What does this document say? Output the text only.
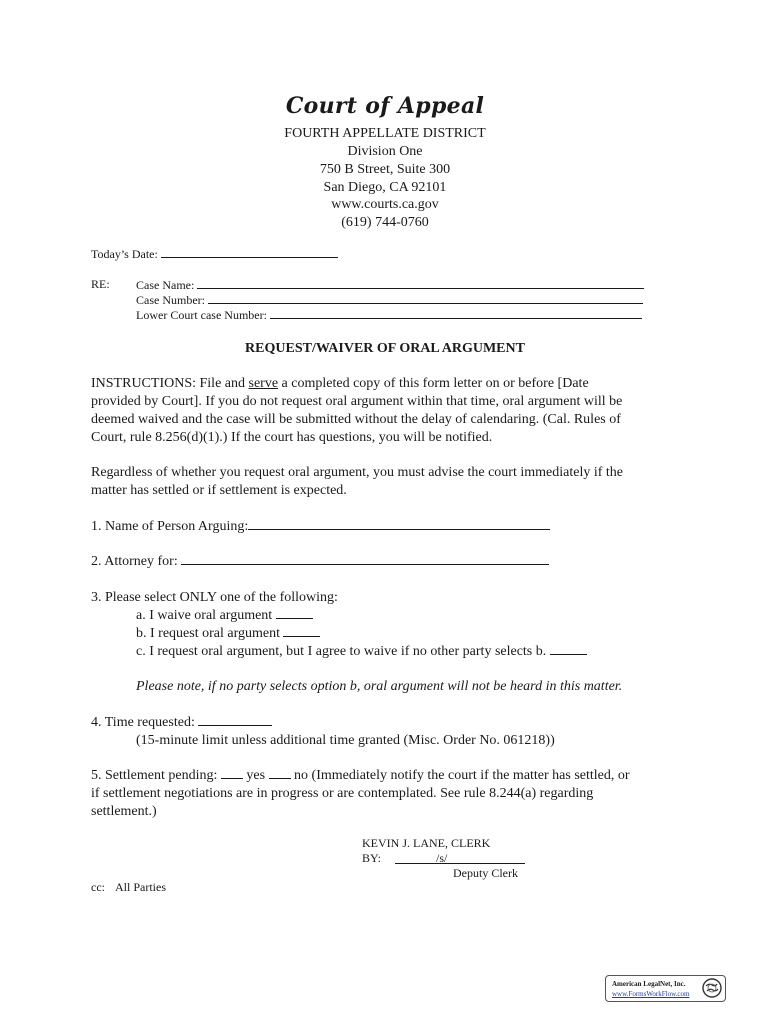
Court of Appeal
FOURTH APPELLATE DISTRICT
Division One
750 B Street, Suite 300
San Diego, CA 92101
www.courts.ca.gov
(619) 744-0760
Today’s Date:
RE: Case Name:
Case Number:
Lower Court case Number:
REQUEST/WAIVER OF ORAL ARGUMENT
INSTRUCTIONS: File and serve a completed copy of this form letter on or before [Date
provided by Court]. If you do not request oral argument within that time, oral argument will be
deemed waived and the case will be submitted without the delay of calendaring. (Cal. Rules of
Court, rule 8.256(d)(1).) If the court has questions, you will be notified.
Regardless of whether you request oral argument, you must advise the court immediately if the
matter has settled or if settlement is expected.
1. Name of Person Arguing:
2. Attorney for:
3. Please select ONLY one of the following:
a. I waive oral argument
b. I request oral argument
c. I request oral argument, but I agree to waive if no other party selects b.
Please note, if no party selects option b, oral argument will not be heard in this matter.
4. Time requested:
(15-minute limit unless additional time granted (Misc. Order No. 061218))
5. Settlement pending:  yes  no (Immediately notify the court if the matter has settled, or
if settlement negotiations are in progress or are contemplated. See rule 8.244(a) regarding
settlement.)
KEVIN J. LANE, CLERK
BY:	/s/
Deputy Clerk
cc: All Parties
American LegalNet, Inc.
www.FormsWorkFlow.com
